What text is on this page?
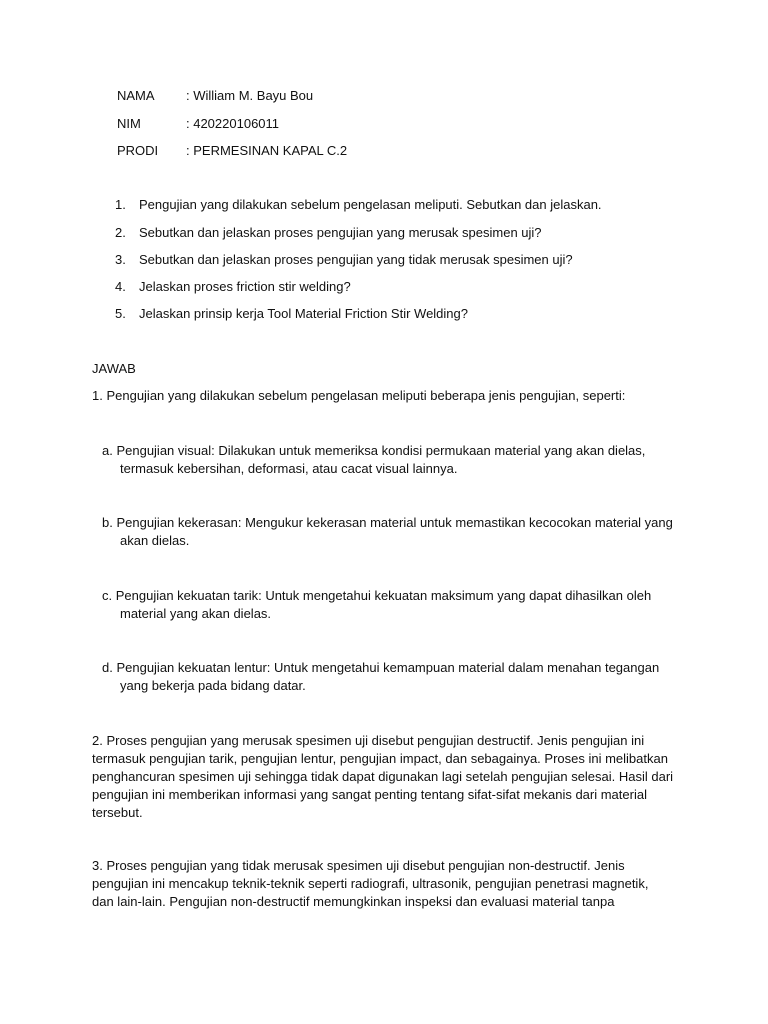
NAMA : William M. Bayu Bou
NIM	: 420220106011
PRODI : PERMESINAN KAPAL C.2
1. Pengujian yang dilakukan sebelum pengelasan meliputi. Sebutkan dan jelaskan.
2. Sebutkan dan jelaskan proses pengujian yang merusak spesimen uji?
3. Sebutkan dan jelaskan proses pengujian yang tidak merusak spesimen uji?
4. Jelaskan proses friction stir welding?
5. Jelaskan prinsip kerja Tool Material Friction Stir Welding?
JAWAB
1. Pengujian yang dilakukan sebelum pengelasan meliputi beberapa jenis pengujian, seperti:
a. Pengujian visual: Dilakukan untuk memeriksa kondisi permukaan material yang akan dielas,
termasuk kebersihan, deformasi, atau cacat visual lainnya.
b. Pengujian kekerasan: Mengukur kekerasan material untuk memastikan kecocokan material yang
akan dielas.
c. Pengujian kekuatan tarik: Untuk mengetahui kekuatan maksimum yang dapat dihasilkan oleh
material yang akan dielas.
d. Pengujian kekuatan lentur: Untuk mengetahui kemampuan material dalam menahan tegangan
yang bekerja pada bidang datar.
2. Proses pengujian yang merusak spesimen uji disebut pengujian destructif. Jenis pengujian ini
termasuk pengujian tarik, pengujian lentur, pengujian impact, dan sebagainya. Proses ini melibatkan
penghancuran spesimen uji sehingga tidak dapat digunakan lagi setelah pengujian selesai. Hasil dari
pengujian ini memberikan informasi yang sangat penting tentang sifat-sifat mekanis dari material
tersebut.
3. Proses pengujian yang tidak merusak spesimen uji disebut pengujian non-destructif. Jenis
pengujian ini mencakup teknik-teknik seperti radiografi, ultrasonik, pengujian penetrasi magnetik,
dan lain-lain. Pengujian non-destructif memungkinkan inspeksi dan evaluasi material tanpa
